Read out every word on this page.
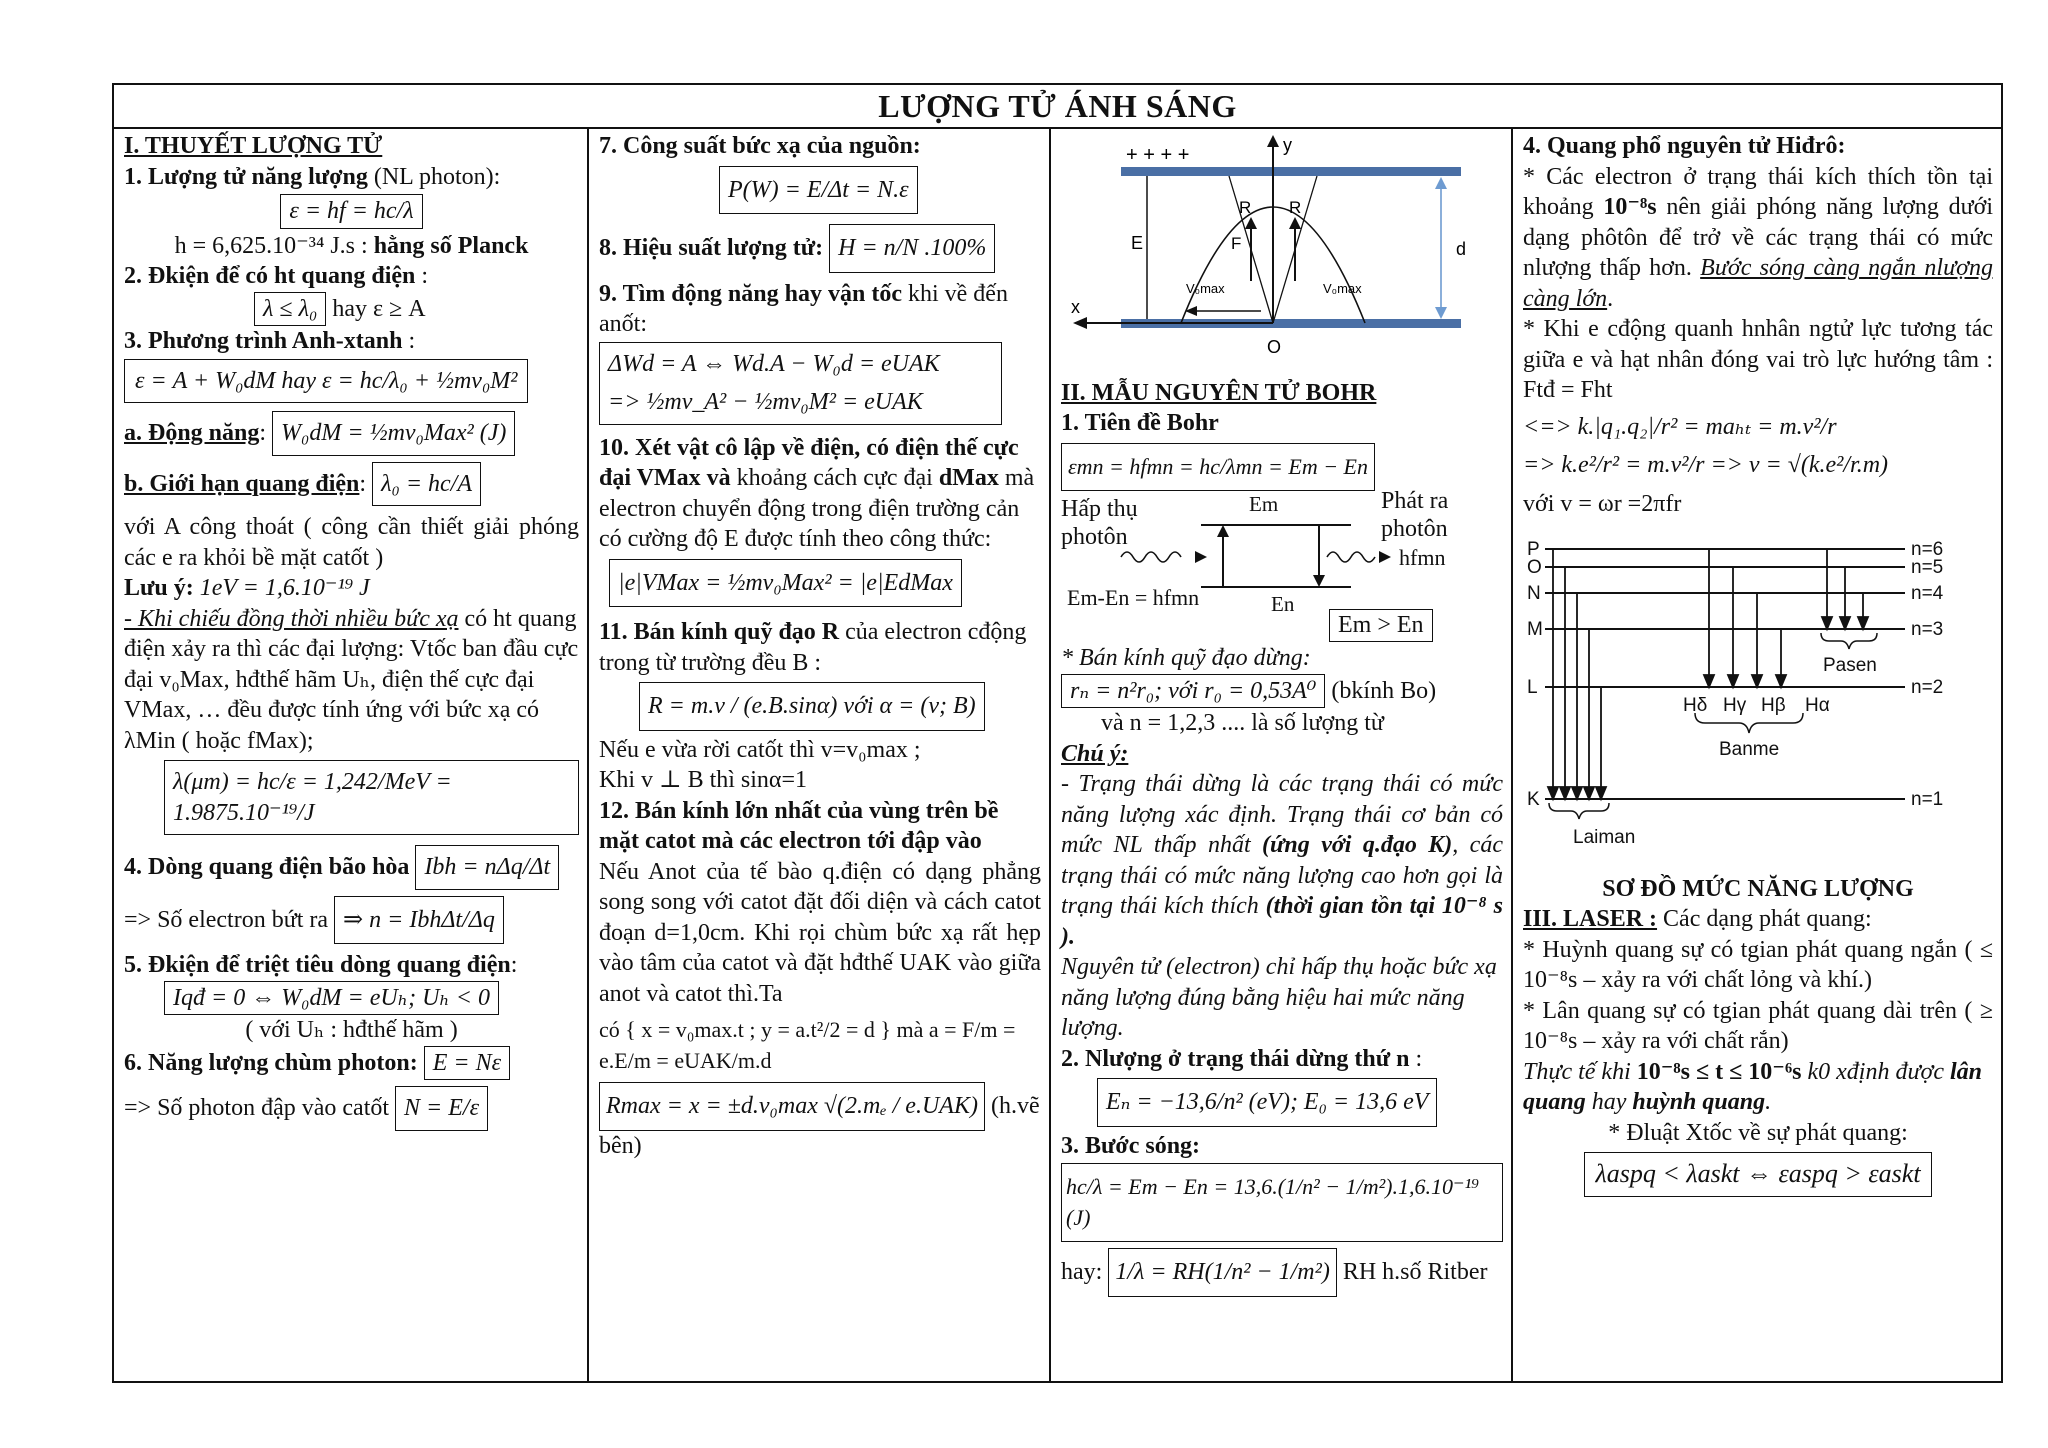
LƯỢNG TỬ ÁNH SÁNG
I. THUYẾT LƯỢNG TỬ
1. Lượng tử năng lượng (NL photon):
ε = hf = hc/λ
h = 6,625.10⁻³⁴ J.s : hằng số Planck
2. Đkiện để có ht quang điện :
λ ≤ λ₀ hay ε ≥ A
3. Phương trình Anh-xtanh :
ε = A + W₀dM hay ε = hc/λ₀ + ½mv₀M²
a. Động năng: W₀dM = ½mv₀Max² (J)
b. Giới hạn quang điện: λ₀ = hc/A
với A công thoát ( công cần thiết giải phóng các e ra khỏi bề mặt catốt )
Lưu ý: 1eV = 1,6.10⁻¹⁹ J
- Khi chiếu đồng thời nhiều bức xạ có ht quang điện xảy ra thì các đại lượng: Vtốc ban đầu cực đại v₀Max, hđthế hãm Uₕ, điện thế cực đại VMax, … đều được tính ứng với bức xạ có λMin ( hoặc fMax);
λ(μm) = hc/ε = 1,242/MeV = 1.9875.10⁻¹⁹/J
4. Dòng quang điện bão hòa Ibh = nΔq/Δt
=> Số electron bứt ra ⇒ n = IbhΔt/Δq
5. Đkiện để triệt tiêu dòng quang điện:
Iqđ = 0 ⇔ W₀dM = eUₕ; Uₕ < 0
( với Uₕ : hđthế hãm )
6. Năng lượng chùm photon: E = Nε
=> Số photon đập vào catốt N = E/ε
7. Công suất bức xạ của nguồn:
P(W) = E/Δt = N.ε
8. Hiệu suất lượng tử: H = n/N .100%
9. Tìm động năng hay vận tốc khi về đến anốt:
ΔWd = A ⇔ Wd.A − W₀d = eUAK
=> ½mv_A² − ½mv₀M² = eUAK
10. Xét vật cô lập về điện, có điện thế cực đại VMax và khoảng cách cực đại dMax mà electron chuyển động trong điện trường cản có cường độ E được tính theo công thức:
|e|VMax = ½mv₀Max² = |e|EdMax
11. Bán kính quỹ đạo R của electron cđộng trong từ trường đều B :
R = m.v / (e.B.sinα) với α = (v; B)
Nếu e vừa rời catốt thì v=v₀max ;
Khi v ⊥ B thì sinα=1
12. Bán kính lớn nhất của vùng trên bề mặt catot mà các electron tới đập vào
Nếu Anot của tế bào q.điện có dạng phẳng song song với catot đặt đối diện và cách catot đoạn d=1,0cm. Khi rọi chùm bức xạ rất hẹp vào tâm của catot và đặt hđthế UAK vào giữa anot và catot thì.Ta
có { x = v₀max.t ; y = a.t²/2 = d } mà a = F/m = e.E/m = eUAK/m.d
Rmax = x = ±d.v₀max √(2.mₑ / e.UAK) (h.vẽ bên)
+ + + +	y
x
E
R R
F
V₀max	V₀max
d
O
II. MẪU NGUYÊN TỬ BOHR
1. Tiên đề Bohr
εmn = hfmn = hc/λmn = Em − En
Hấp thụ photôn
Phát ra photôn
Em
En
hfmn
Em-En = hfmn
Em > En
* Bán kính quỹ đạo dừng:
rₙ = n²r₀; với r₀ = 0,53A⁰ (bkính Bo)
và n = 1,2,3 .... là số lượng từ
Chú ý:
- Trạng thái dừng là các trạng thái có mức năng lượng xác định. Trạng thái cơ bản có mức NL thấp nhất (ứng với q.đạo K), các trạng thái có mức năng lượng cao hơn gọi là trạng thái kích thích (thời gian tồn tại 10⁻⁸ s ).
Nguyên tử (electron) chỉ hấp thụ hoặc bức xạ năng lượng đúng bằng hiệu hai mức năng lượng.
2. Nlượng ở trạng thái dừng thứ n :
Eₙ = −13,6/n² (eV); E₀ = 13,6 eV
3. Bước sóng:
hc/λ = Em − En = 13,6.(1/n² − 1/m²).1,6.10⁻¹⁹ (J)
hay: 1/λ = RH(1/n² − 1/m²) RH h.số Ritber
4. Quang phổ nguyên tử Hiđrô:
* Các electron ở trạng thái kích thích tồn tại khoảng 10⁻⁸s nên giải phóng năng lượng dưới dạng phôtôn để trở về các trạng thái có mức nlượng thấp hơn. Bước sóng càng ngắn nlượng càng lớn.
* Khi e cđộng quanh hnhân ngtử lực tương tác giữa e và hạt nhân đóng vai trò lực hướng tâm : Ftđ = Fht
<=> k.|q₁.q₂|/r² = maₕₜ = m.v²/r
=> k.e²/r² = m.v²/r => v = √(k.e²/r.m)
với v = ωr =2πfr
P
O
N
M
L
K
n=6
n=5
n=4
n=3
n=2
n=1
Pasen
Banme
Laiman
Hδ Hγ Hβ Hα
SƠ ĐỒ MỨC NĂNG LƯỢNG
III. LASER : Các dạng phát quang:
* Huỳnh quang sự có tgian phát quang ngắn ( ≤ 10⁻⁸s – xảy ra với chất lỏng và khí.)
* Lân quang sự có tgian phát quang dài trên ( ≥ 10⁻⁸s – xảy ra với chất rắn)
Thực tế khi 10⁻⁸s ≤ t ≤ 10⁻⁶s k0 xđịnh được lân quang hay huỳnh quang.
* Đluật Xtốc về sự phát quang:
λaspq < λaskt ⇔ εaspq > εaskt
